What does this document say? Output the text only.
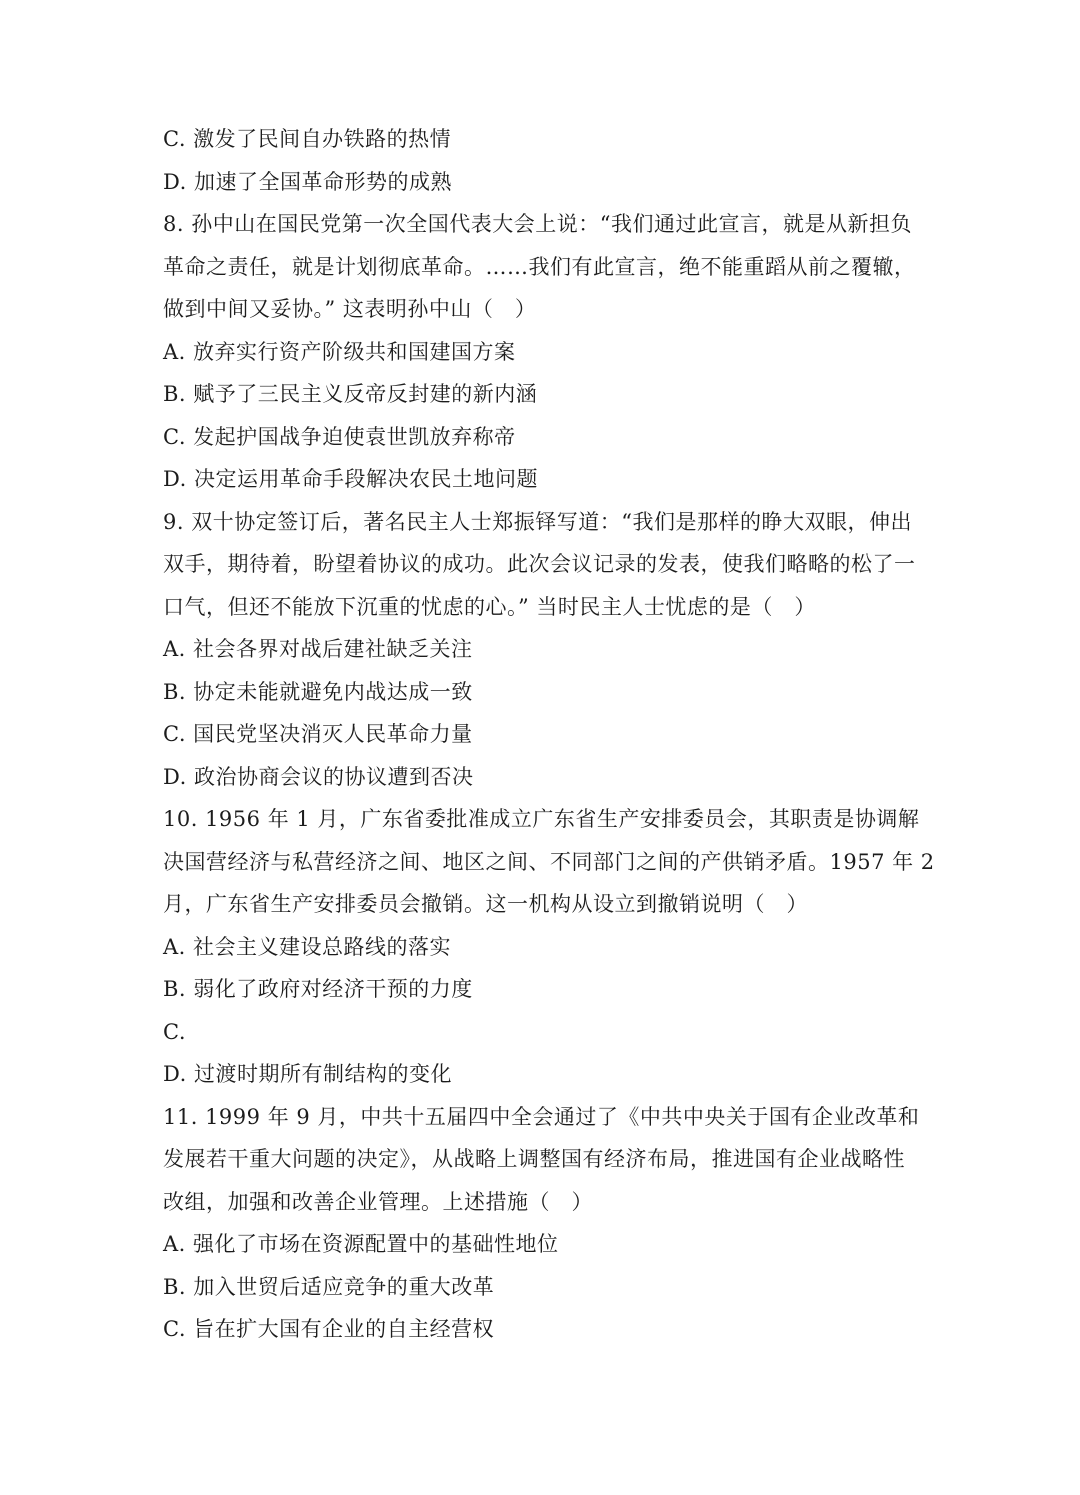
C. 激发了民间自办铁路的热情
D. 加速了全国革命形势的成熟
8. 孙中山在国民党第一次全国代表大会上说：“我们通过此宣言，就是从新担负
革命之责任，就是计划彻底革命。……我们有此宣言，绝不能重蹈从前之覆辙，
做到中间又妥协。” 这表明孙中山（　）
A. 放弃实行资产阶级共和国建国方案
B. 赋予了三民主义反帝反封建的新内涵
C. 发起护国战争迫使袁世凯放弃称帝
D. 决定运用革命手段解决农民土地问题
9. 双十协定签订后，著名民主人士郑振铎写道：“我们是那样的睁大双眼，伸出
双手，期待着，盼望着协议的成功。此次会议记录的发表，使我们略略的松了一
口气，但还不能放下沉重的忧虑的心。” 当时民主人士忧虑的是（　）
A. 社会各界对战后建社缺乏关注
B. 协定未能就避免内战达成一致
C. 国民党坚决消灭人民革命力量
D. 政治协商会议的协议遭到否决
10. 1956 年 1 月，广东省委批准成立广东省生产安排委员会，其职责是协调解
决国营经济与私营经济之间、地区之间、不同部门之间的产供销矛盾。1957 年 2
月，广东省生产安排委员会撤销。这一机构从设立到撤销说明（　）
A. 社会主义建设总路线的落实
B. 弱化了政府对经济干预的力度
C.
D. 过渡时期所有制结构的变化
11. 1999 年 9 月，中共十五届四中全会通过了《中共中央关于国有企业改革和
发展若干重大问题的决定》，从战略上调整国有经济布局，推进国有企业战略性
改组，加强和改善企业管理。上述措施（　）
A. 强化了市场在资源配置中的基础性地位
B. 加入世贸后适应竞争的重大改革
C. 旨在扩大国有企业的自主经营权
